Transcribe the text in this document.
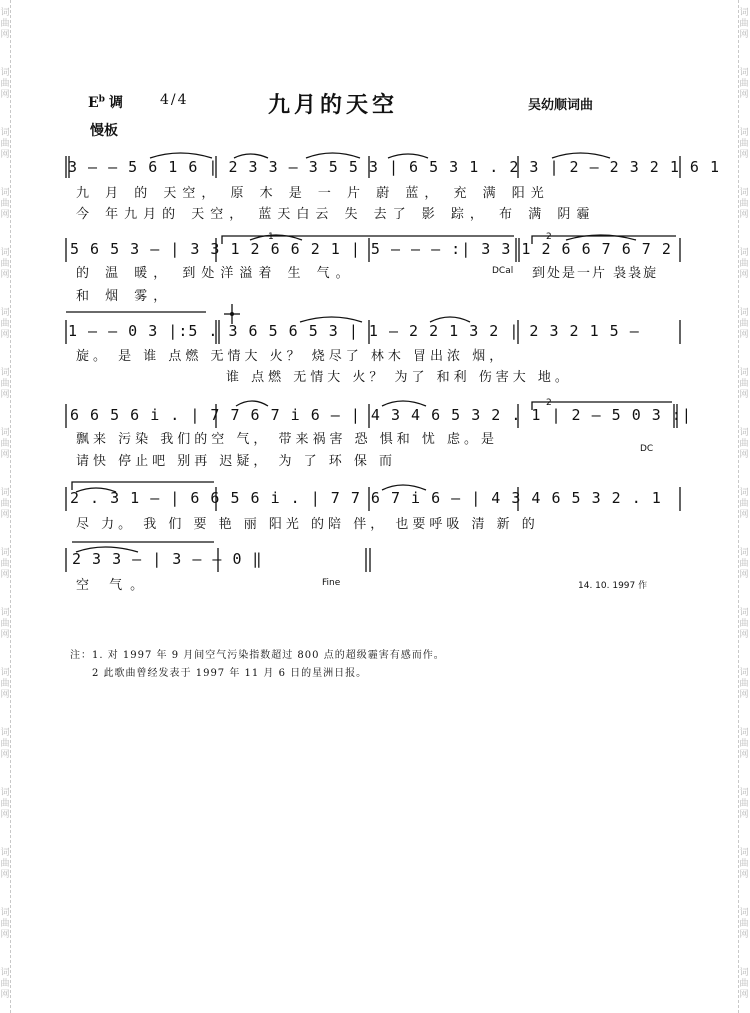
词
曲
网
词
曲
网
词
曲
网
词
曲
网
词
曲
网
词
曲
网
词
曲
网
词
曲
网
词
曲
网
词
曲
网
词
曲
网
词
曲
网
词
曲
网
词
曲
网
词
曲
网
词
曲
网
词
曲
网
词
曲
网
词
曲
网
词
曲
网
词
曲
网
词
曲
网
词
曲
网
词
曲
网
词
曲
网
词
曲
网
词
曲
网
词
曲
网
词
曲
网
词
曲
网
词
曲
网
词
曲
网
词
曲
网
词
曲
网
$E^b$ 调	4/4	九月的天空	吴幼顺词曲
慢板
3 — — 5 6 1 6 | 2 3 3 — 3 5 5 3 | 6 5 3 1 . 2 3 | 2 — 2 3 2 1 6 1
九 月 的 天空， 原 木 是 一 片 蔚 蓝， 充 满 阳光
今 年九月的 天空， 蓝天白云 失 去了 影 踪， 布 满 阴霾
5 6 5 3 — | 3 3 1 2 6 6 2 1 | 5 — — — :| 3 3 1 2 6 6 7 6 7 2
的 温 暖， 到处洋溢着 生 气。
和 烟 雾，
到处是一片 袅袅旋
DCal
1	2
1 — — 0 3 |:5 . 3 6 5 6 5 3 | 1 — 2 2 1 3 2 | 2 3 2 1 5 —
旋。 是 谁 点燃 无情大 火？ 烧尽了 林木 冒出浓 烟，
谁 点燃 无情大 火？ 为了 和利 伤害大 地。
6 6 5 6 i . | 7 7 6 7 i 6 — | 4 3 4 6 5 3 2 . 1 | 2 — 5 0 3 :|
飘来 污染 我们的空 气， 带来祸害 恐 惧和 忧 虑。是
请快 停止吧 别再 迟疑， 为 了 环 保 而
DC
2
2 . 3 1 — | 6 6 5 6 i . | 7 7 6 7 i 6 — | 4 3 4 6 5 3 2 . 1
尽 力。 我 们 要 艳 丽 阳光 的陪 伴， 也要呼吸 清 新 的
2 3 3 — | 3 — — 0 ‖
空 气。	Fine	14. 10. 1997 作
注：1. 对 1997 年 9 月间空气污染指数超过 800 点的超级霾害有感而作。
2 此歌曲曾经发表于 1997 年 11 月 6 日的星洲日报。
